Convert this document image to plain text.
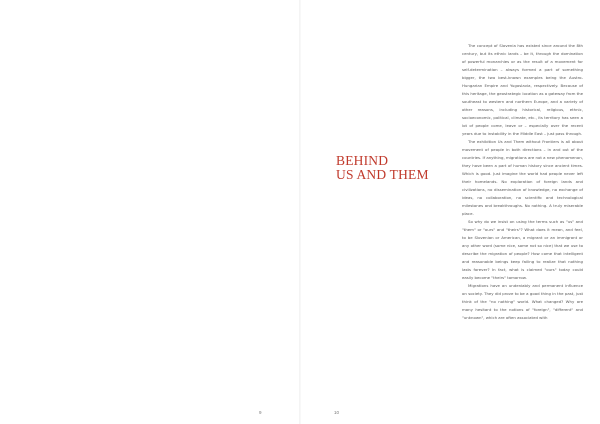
BEHIND
US AND THEM

The concept of Slovenia has existed since around the 8th century, but its ethnic lands – be it, through the domination of powerful monarchies or as the result of a movement for self-determination – always formed a part of something bigger, the two best-known examples being the Austro-Hungarian Empire and Yugoslavia, respectively. Because of this heritage, the geostrategic location as a gateway from the southeast to western and northern Europe, and a variety of other reasons, including historical, religious, ethnic, socioeconomic, political, climate, etc., its territory has seen a lot of people come, leave or – especially over the recent years due to instability in the Middle East – just pass through.

The exhibition Us and Them without Frontiers is all about movement of people in both directions – in and out of the countries. If anything, migrations are not a new phenomenon, they have been a part of human history since ancient times. Which is good. Just imagine the world had people never left their homelands. No exploration of foreign lands and civilizations, no dissemination of knowledge, no exchange of ideas, no collaboration, no scientific and technological milestones and breakthroughs. No nothing. A truly miserable place.

So why do we insist on using the terms such as "us" and "them" or "ours" and "theirs"? What does it mean, and feel, to be Slovenian or American, a migrant or an immigrant or any other word (some nice, some not so nice) that we use to describe the migration of people? How come that intelligent and reasonable beings keep failing to realize that nothing lasts forever? In fact, what is claimed "ours" today could easily become "theirs" tomorrow.

Migrations have an undeniably and permanent influence on society. They did prove to be a good thing in the past, just think of the "no nothing" world. What changed? Why are many hesitant to the notions of "foreign", "different" and "unknown", which are often associated with

9	10
